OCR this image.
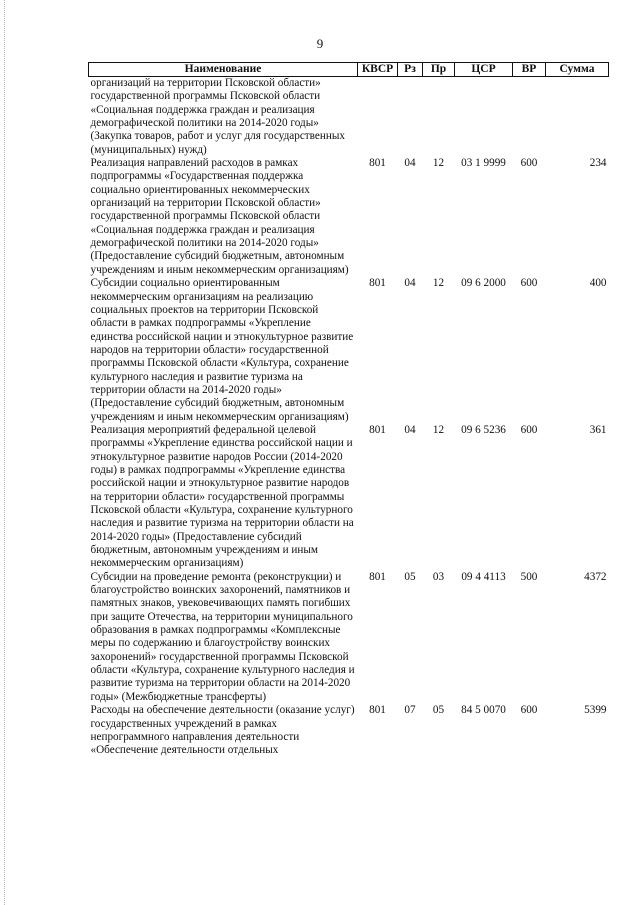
9
Наименование	КВСР	Рз	Пр	ЦСР	ВР	Сумма
организаций на территории Псковской области» государственной программы Псковской области «Социальная поддержка граждан и реализация демографической политики на 2014-2020 годы» (Закупка товаров, работ и услуг для государственных (муниципальных) нужд)						
Реализация направлений расходов в рамках подпрограммы «Государственная поддержка социально ориентированных некоммерческих организаций на территории Псковской области» государственной программы Псковской области «Социальная поддержка граждан и реализация демографической политики на 2014-2020 годы» (Предоставление субсидий бюджетным, автономным учреждениям и иным некоммерческим организациям)	801	04	12	03 1 9999	600	234
Субсидии социально ориентированным некоммерческим организациям на реализацию социальных проектов на территории Псковской области в рамках подпрограммы «Укрепление единства российской нации и этнокультурное развитие народов на территории области» государственной программы Псковской области «Культура, сохранение культурного наследия и развитие туризма на территории области на 2014-2020 годы» (Предоставление субсидий бюджетным, автономным учреждениям и иным некоммерческим организациям)	801	04	12	09 6 2000	600	400
Реализация мероприятий федеральной целевой программы «Укрепление единства российской нации и этнокультурное развитие народов России (2014-2020 годы) в рамках подпрограммы «Укрепление единства российской нации и этнокультурное развитие народов на территории области» государственной программы Псковской области «Культура, сохранение культурного наследия и развитие туризма на территории области на 2014-2020 годы» (Предоставление субсидий бюджетным, автономным учреждениям и иным некоммерческим организациям)	801	04	12	09 6 5236	600	361
Субсидии на проведение ремонта (реконструкции) и благоустройство воинских захоронений, памятников и памятных знаков, увековечивающих память погибших при защите Отечества, на территории муниципального образования в рамках подпрограммы «Комплексные меры по содержанию и благоустройству воинских захоронений» государственной программы Псковской области «Культура, сохранение культурного наследия и развитие туризма на территории области на 2014-2020 годы» (Межбюджетные трансферты)	801	05	03	09 4 4113	500	4372
Расходы на обеспечение деятельности (оказание услуг) государственных учреждений в рамках непрограммного направления деятельности «Обеспечение деятельности отдельных	801	07	05	84 5 0070	600	5399
